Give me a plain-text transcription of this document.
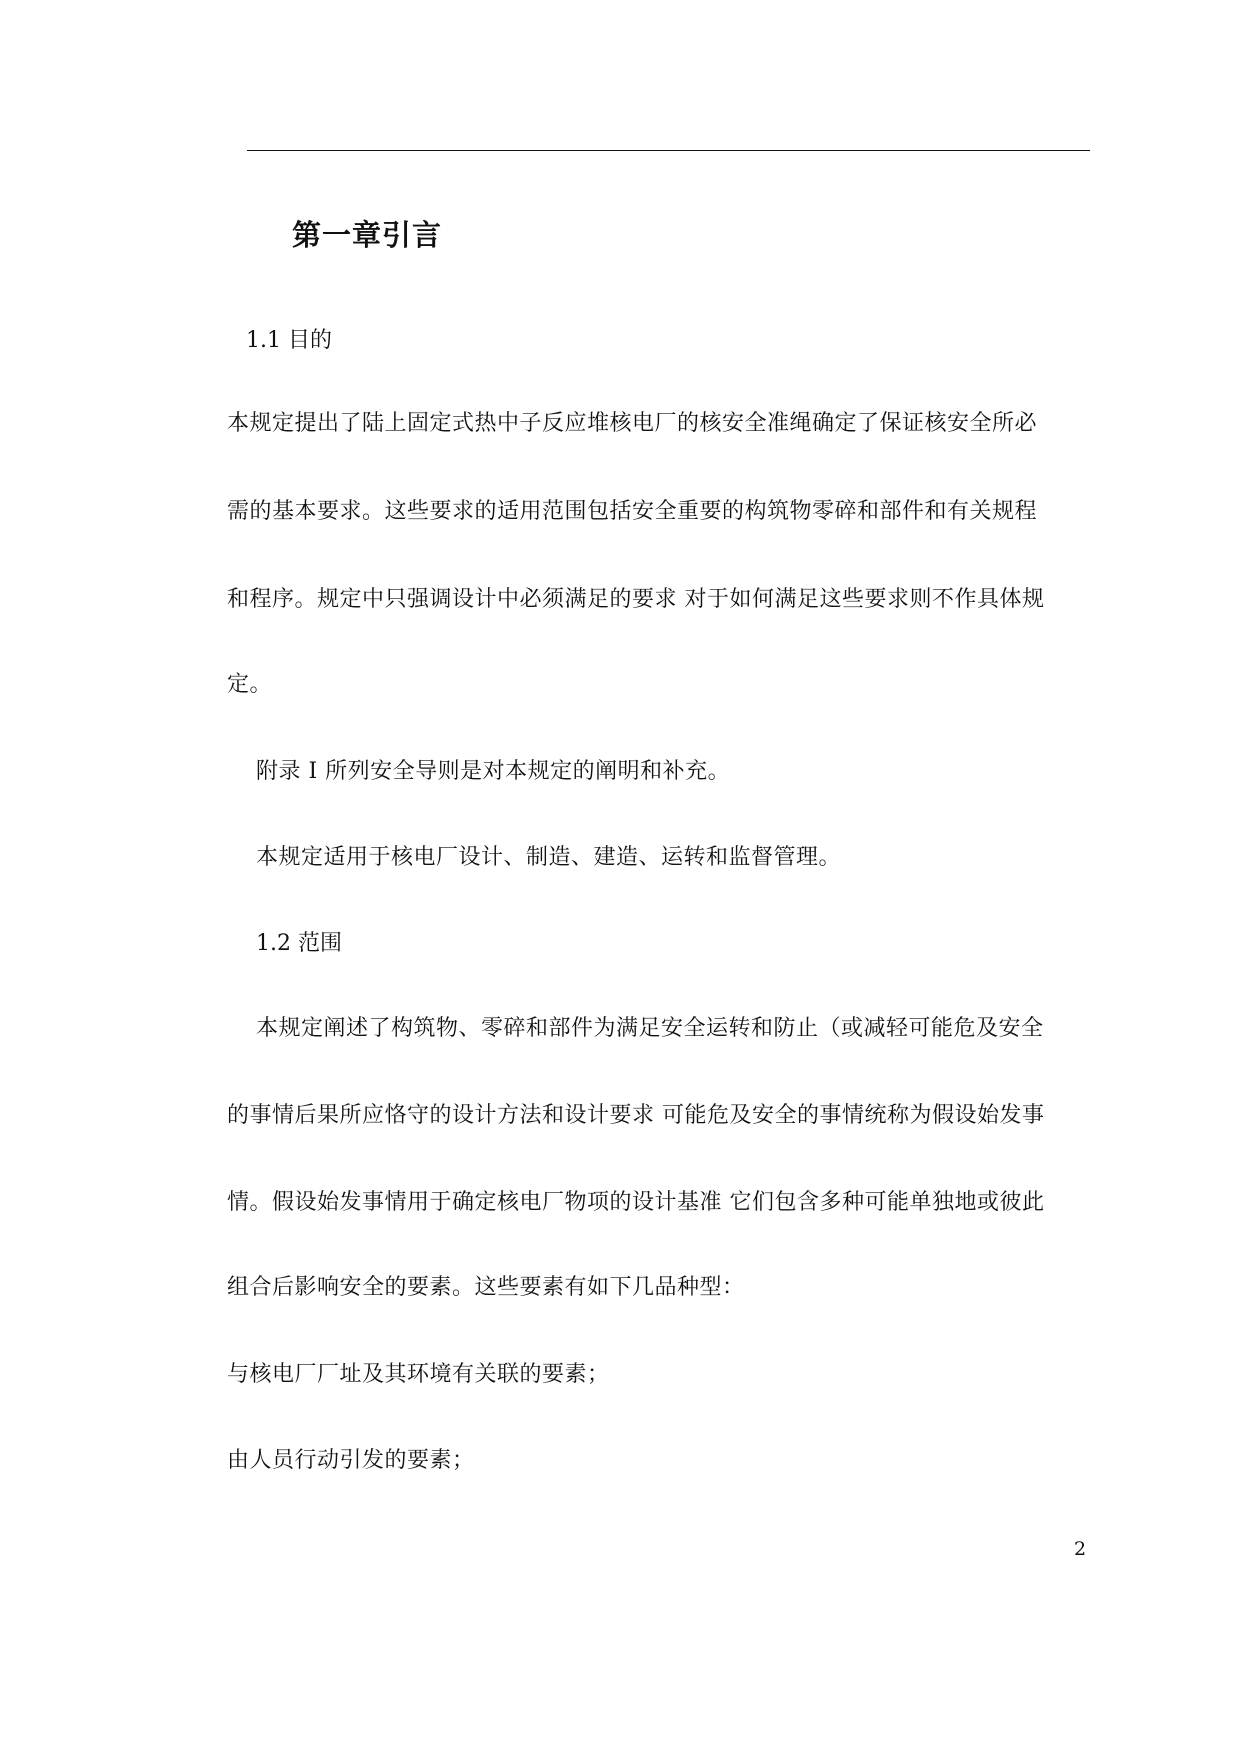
第一章引言

1.1 目的

本规定提出了陆上固定式热中子反应堆核电厂的核安全准绳确定了保证核安全所必

需的基本要求。这些要求的适用范围包括安全重要的构筑物零碎和部件和有关规程

和程序。规定中只强调设计中必须满足的要求 对于如何满足这些要求则不作具体规

定。

附录 I 所列安全导则是对本规定的阐明和补充。

本规定适用于核电厂设计、制造、建造、运转和监督管理。

1.2 范围

本规定阐述了构筑物、零碎和部件为满足安全运转和防止（或减轻可能危及安全

的事情后果所应恪守的设计方法和设计要求 可能危及安全的事情统称为假设始发事

情。假设始发事情用于确定核电厂物项的设计基准 它们包含多种可能单独地或彼此

组合后影响安全的要素。这些要素有如下几品种型：

与核电厂厂址及其环境有关联的要素；

由人员行动引发的要素；

2
